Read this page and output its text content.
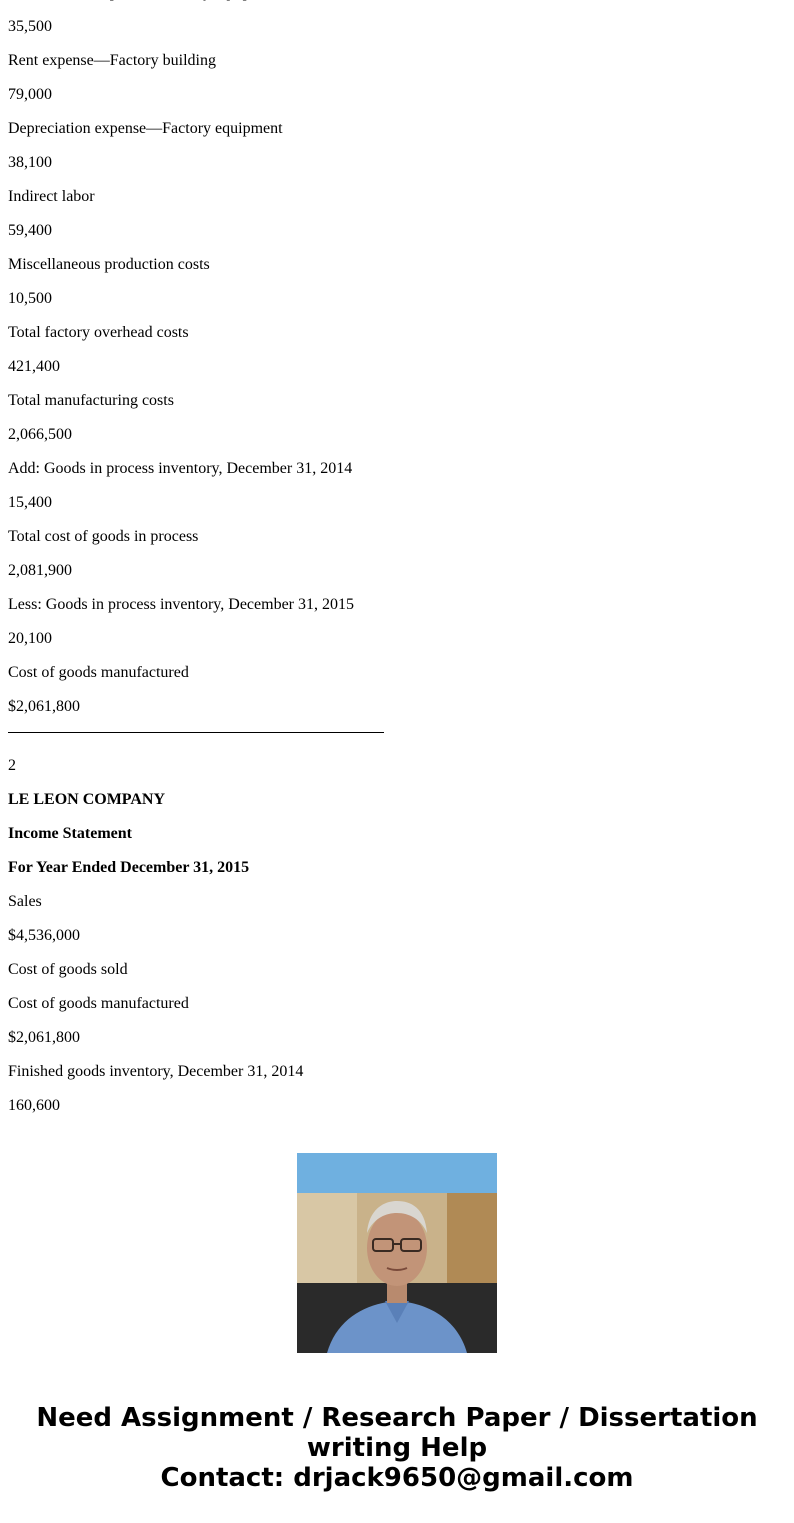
35,500
Rent expense—Factory building
79,000
Depreciation expense—Factory equipment
38,100
Indirect labor
59,400
Miscellaneous production costs
10,500
Total factory overhead costs
421,400
Total manufacturing costs
2,066,500
Add: Goods in process inventory, December 31, 2014
15,400
Total cost of goods in process
2,081,900
Less: Goods in process inventory, December 31, 2015
20,100
Cost of goods manufactured
$2,061,800
2
LE LEON COMPANY
Income Statement
For Year Ended December 31, 2015
Sales
$4,536,000
Cost of goods sold
Cost of goods manufactured
$2,061,800
Finished goods inventory, December 31, 2014
160,600
Need Assignment / Research Paper / Dissertation
writing Help
Contact: drjack9650@gmail.com
